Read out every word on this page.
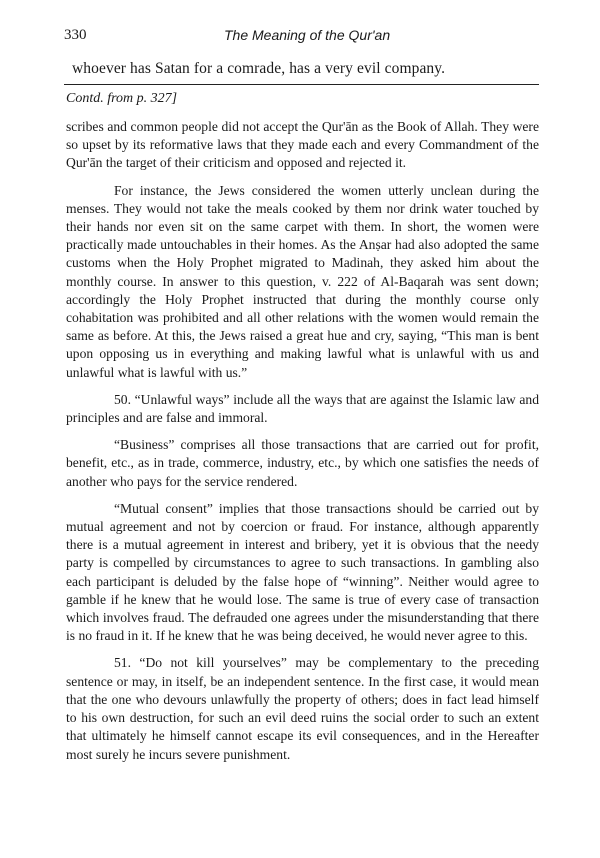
330	The Meaning of the Qur'an
whoever has Satan for a comrade, has a very evil company.
Contd. from p. 327]

scribes and common people did not accept the Qur'ān as the Book of Allah. They were so upset by its reformative laws that they made each and every Commandment of the Qur'ān the target of their criticism and opposed and rejected it.

For instance, the Jews considered the women utterly unclean during the menses. They would not take the meals cooked by them nor drink water touched by their hands nor even sit on the same carpet with them. In short, the women were practically made untouchables in their homes. As the Anṣar had also adopted the same customs when the Holy Prophet migrated to Madinah, they asked him about the monthly course. In answer to this question, v. 222 of Al-Baqarah was sent down; accordingly the Holy Prophet instructed that during the monthly course only cohabitation was prohibited and all other relations with the women would remain the same as before. At this, the Jews raised a great hue and cry, saying, “This man is bent upon opposing us in everything and making lawful what is unlawful with us and unlawful what is lawful with us.”

50. “Unlawful ways” include all the ways that are against the Islamic law and principles and are false and immoral.

“Business” comprises all those transactions that are carried out for profit, benefit, etc., as in trade, commerce, industry, etc., by which one satisfies the needs of another who pays for the service rendered.

“Mutual consent” implies that those transactions should be carried out by mutual agreement and not by coercion or fraud. For instance, although apparently there is a mutual agreement in interest and bribery, yet it is obvious that the needy party is compelled by circumstances to agree to such transactions. In gambling also each participant is deluded by the false hope of “winning”. Neither would agree to gamble if he knew that he would lose. The same is true of every case of transaction which involves fraud. The defrauded one agrees under the misunderstanding that there is no fraud in it. If he knew that he was being deceived, he would never agree to this.

51. “Do not kill yourselves” may be complementary to the preceding sentence or may, in itself, be an independent sentence. In the first case, it would mean that the one who devours unlawfully the property of others; does in fact lead himself to his own destruction, for such an evil deed ruins the social order to such an extent that ultimately he himself cannot escape its evil consequences, and in the Hereafter most surely he incurs severe punishment.
